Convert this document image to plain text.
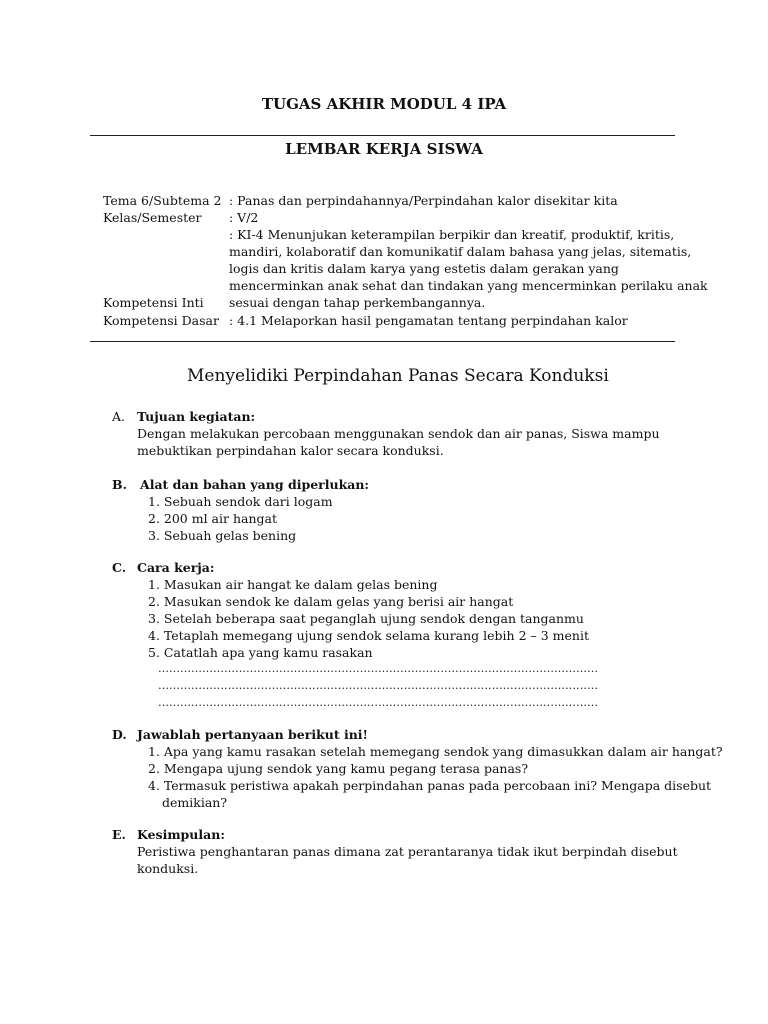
TUGAS AKHIR MODUL 4 IPA
LEMBAR KERJA SISWA
Tema 6/Subtema 2 : Panas dan perpindahannya/Perpindahan kalor disekitar kita
Kelas/Semester : V/2
: KI-4 Menunjukan keterampilan berpikir dan kreatif, produktif, kritis,
mandiri, kolaboratif dan komunikatif dalam bahasa yang jelas, sitematis,
logis dan kritis dalam karya yang estetis dalam gerakan yang
mencerminkan anak sehat dan tindakan yang mencerminkan perilaku anak
Kompetensi Inti sesuai dengan tahap perkembangannya.
Kompetensi Dasar : 4.1 Melaporkan hasil pengamatan tentang perpindahan kalor
Menyelidiki Perpindahan Panas Secara Konduksi
A. Tujuan kegiatan:
Dengan melakukan percobaan menggunakan sendok dan air panas, Siswa mampu
mebuktikan perpindahan kalor secara konduksi.
B. Alat dan bahan yang diperlukan:
1. Sebuah sendok dari logam
2. 200 ml air hangat
3. Sebuah gelas bening
C. Cara kerja:
1. Masukan air hangat ke dalam gelas bening
2. Masukan sendok ke dalam gelas yang berisi air hangat
3. Setelah beberapa saat peganglah ujung sendok dengan tanganmu
4. Tetaplah memegang ujung sendok selama kurang lebih 2 – 3 menit
5. Catatlah apa yang kamu rasakan
…………………………………………………………………………………………………………
…………………………………………………………………………………………………………
…………………………………………………………………………………………………………
D. Jawablah pertanyaan berikut ini!
1. Apa yang kamu rasakan setelah memegang sendok yang dimasukkan dalam air hangat?
2. Mengapa ujung sendok yang kamu pegang terasa panas?
4. Termasuk peristiwa apakah perpindahan panas pada percobaan ini? Mengapa disebut
demikian?
E. Kesimpulan:
Peristiwa penghantaran panas dimana zat perantaranya tidak ikut berpindah disebut
konduksi.
